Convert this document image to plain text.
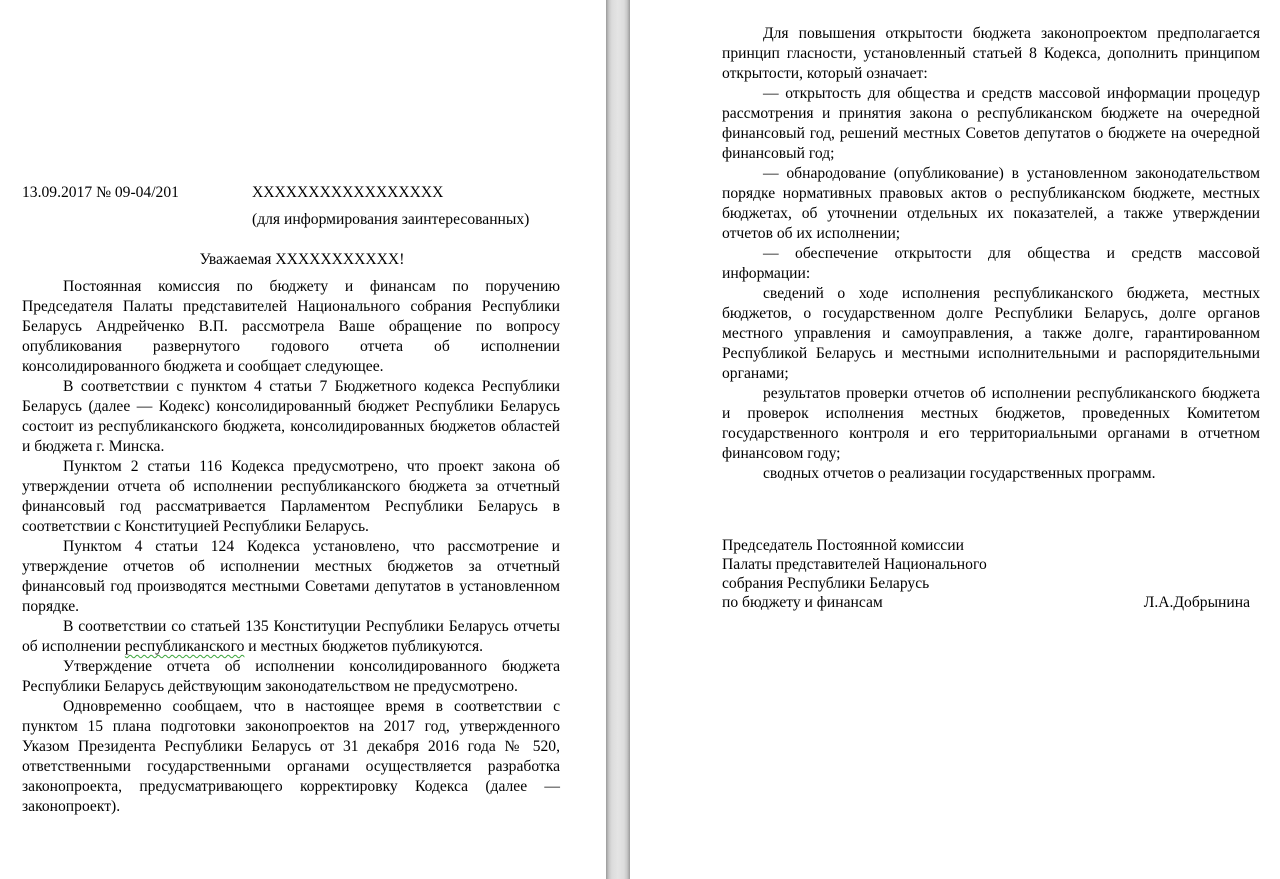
13.09.2017 № 09-04/201	XXXXXXXXXXXXXXXXX
(для информирования заинтересованных)
Уважаемая XXXXXXXXXXX!

Постоянная комиссия по бюджету и финансам по поручению Председателя Палаты представителей Национального собрания Республики Беларусь Андрейченко В.П. рассмотрела Ваше обращение по вопросу опубликования развернутого годового отчета об исполнении консолидированного бюджета и сообщает следующее.

В соответствии с пунктом 4 статьи 7 Бюджетного кодекса Республики Беларусь (далее — Кодекс) консолидированный бюджет Республики Беларусь состоит из республиканского бюджета, консолидированных бюджетов областей и бюджета г. Минска.

Пунктом 2 статьи 116 Кодекса предусмотрено, что проект закона об утверждении отчета об исполнении республиканского бюджета за отчетный финансовый год рассматривается Парламентом Республики Беларусь в соответствии с Конституцией Республики Беларусь.

Пунктом 4 статьи 124 Кодекса установлено, что рассмотрение и утверждение отчетов об исполнении местных бюджетов за отчетный финансовый год производятся местными Советами депутатов в установленном порядке.

В соответствии со статьей 135 Конституции Республики Беларусь отчеты об исполнении республиканского и местных бюджетов публикуются.

Утверждение отчета об исполнении консолидированного бюджета Республики Беларусь действующим законодательством не предусмотрено.

Одновременно сообщаем, что в настоящее время в соответствии с пунктом 15 плана подготовки законопроектов на 2017 год, утвержденного Указом Президента Республики Беларусь от 31 декабря 2016 года № 520, ответственными государственными органами осуществляется разработка законопроекта, предусматривающего корректировку Кодекса (далее — законопроект).

Для повышения открытости бюджета законопроектом предполагается принцип гласности, установленный статьей 8 Кодекса, дополнить принципом открытости, который означает:

— открытость для общества и средств массовой информации процедур рассмотрения и принятия закона о республиканском бюджете на очередной финансовый год, решений местных Советов депутатов о бюджете на очередной финансовый год;

— обнародование (опубликование) в установленном законодательством порядке нормативных правовых актов о республиканском бюджете, местных бюджетах, об уточнении отдельных их показателей, а также утверждении отчетов об их исполнении;

— обеспечение открытости для общества и средств массовой информации:

сведений о ходе исполнения республиканского бюджета, местных бюджетов, о государственном долге Республики Беларусь, долге органов местного управления и самоуправления, а также долге, гарантированном Республикой Беларусь и местными исполнительными и распорядительными органами;

результатов проверки отчетов об исполнении республиканского бюджета и проверок исполнения местных бюджетов, проведенных Комитетом государственного контроля и его территориальными органами в отчетном финансовом году;

сводных отчетов о реализации государственных программ.

Председатель Постоянной комиссии
Палаты представителей Национального
собрания Республики Беларусь
по бюджету и финансам	Л.А.Добрынина
